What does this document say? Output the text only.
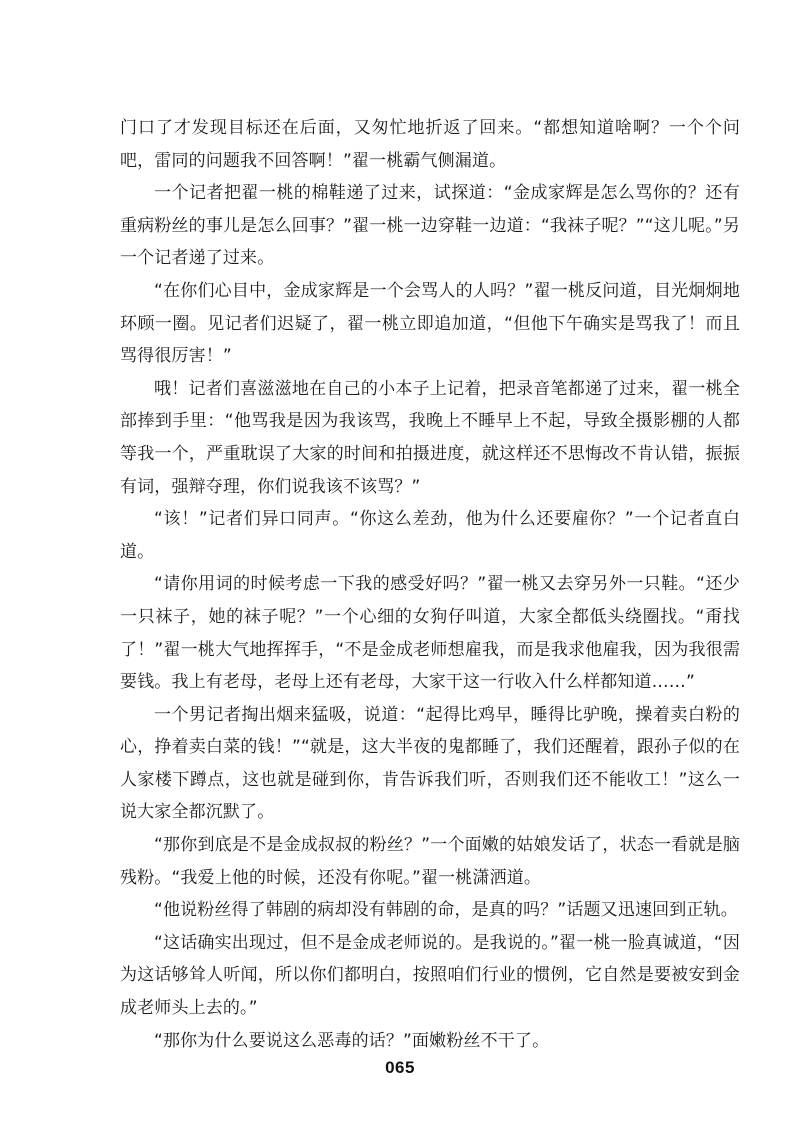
门口了才发现目标还在后面，又匆忙地折返了回来。“都想知道啥啊？一个个问吧，雷同的问题我不回答啊！”翟一桃霸气侧漏道。

一个记者把翟一桃的棉鞋递了过来，试探道：“金成家辉是怎么骂你的？还有重病粉丝的事儿是怎么回事？”翟一桃一边穿鞋一边道：“我袜子呢？”“这儿呢。”另一个记者递了过来。

“在你们心目中，金成家辉是一个会骂人的人吗？”翟一桃反问道，目光炯炯地环顾一圈。见记者们迟疑了，翟一桃立即追加道，“但他下午确实是骂我了！而且骂得很厉害！”

哦！记者们喜滋滋地在自己的小本子上记着，把录音笔都递了过来，翟一桃全部捧到手里：“他骂我是因为我该骂，我晚上不睡早上不起，导致全摄影棚的人都等我一个，严重耽误了大家的时间和拍摄进度，就这样还不思悔改不肯认错，振振有词，强辩夺理，你们说我该不该骂？”

“该！”记者们异口同声。“你这么差劲，他为什么还要雇你？”一个记者直白道。

“请你用词的时候考虑一下我的感受好吗？”翟一桃又去穿另外一只鞋。“还少一只袜子，她的袜子呢？”一个心细的女狗仔叫道，大家全都低头绕圈找。“甭找了！”翟一桃大气地挥挥手，“不是金成老师想雇我，而是我求他雇我，因为我很需要钱。我上有老母，老母上还有老母，大家干这一行收入什么样都知道……”

一个男记者掏出烟来猛吸，说道：“起得比鸡早，睡得比驴晚，操着卖白粉的心，挣着卖白菜的钱！”“就是，这大半夜的鬼都睡了，我们还醒着，跟孙子似的在人家楼下蹲点，这也就是碰到你，肯告诉我们听，否则我们还不能收工！”这么一说大家全都沉默了。

“那你到底是不是金成叔叔的粉丝？”一个面嫩的姑娘发话了，状态一看就是脑残粉。“我爱上他的时候，还没有你呢。”翟一桃潇洒道。

“他说粉丝得了韩剧的病却没有韩剧的命，是真的吗？”话题又迅速回到正轨。

“这话确实出现过，但不是金成老师说的。是我说的。”翟一桃一脸真诚道，“因为这话够耸人听闻，所以你们都明白，按照咱们行业的惯例，它自然是要被安到金成老师头上去的。”

“那你为什么要说这么恶毒的话？”面嫩粉丝不干了。

065
